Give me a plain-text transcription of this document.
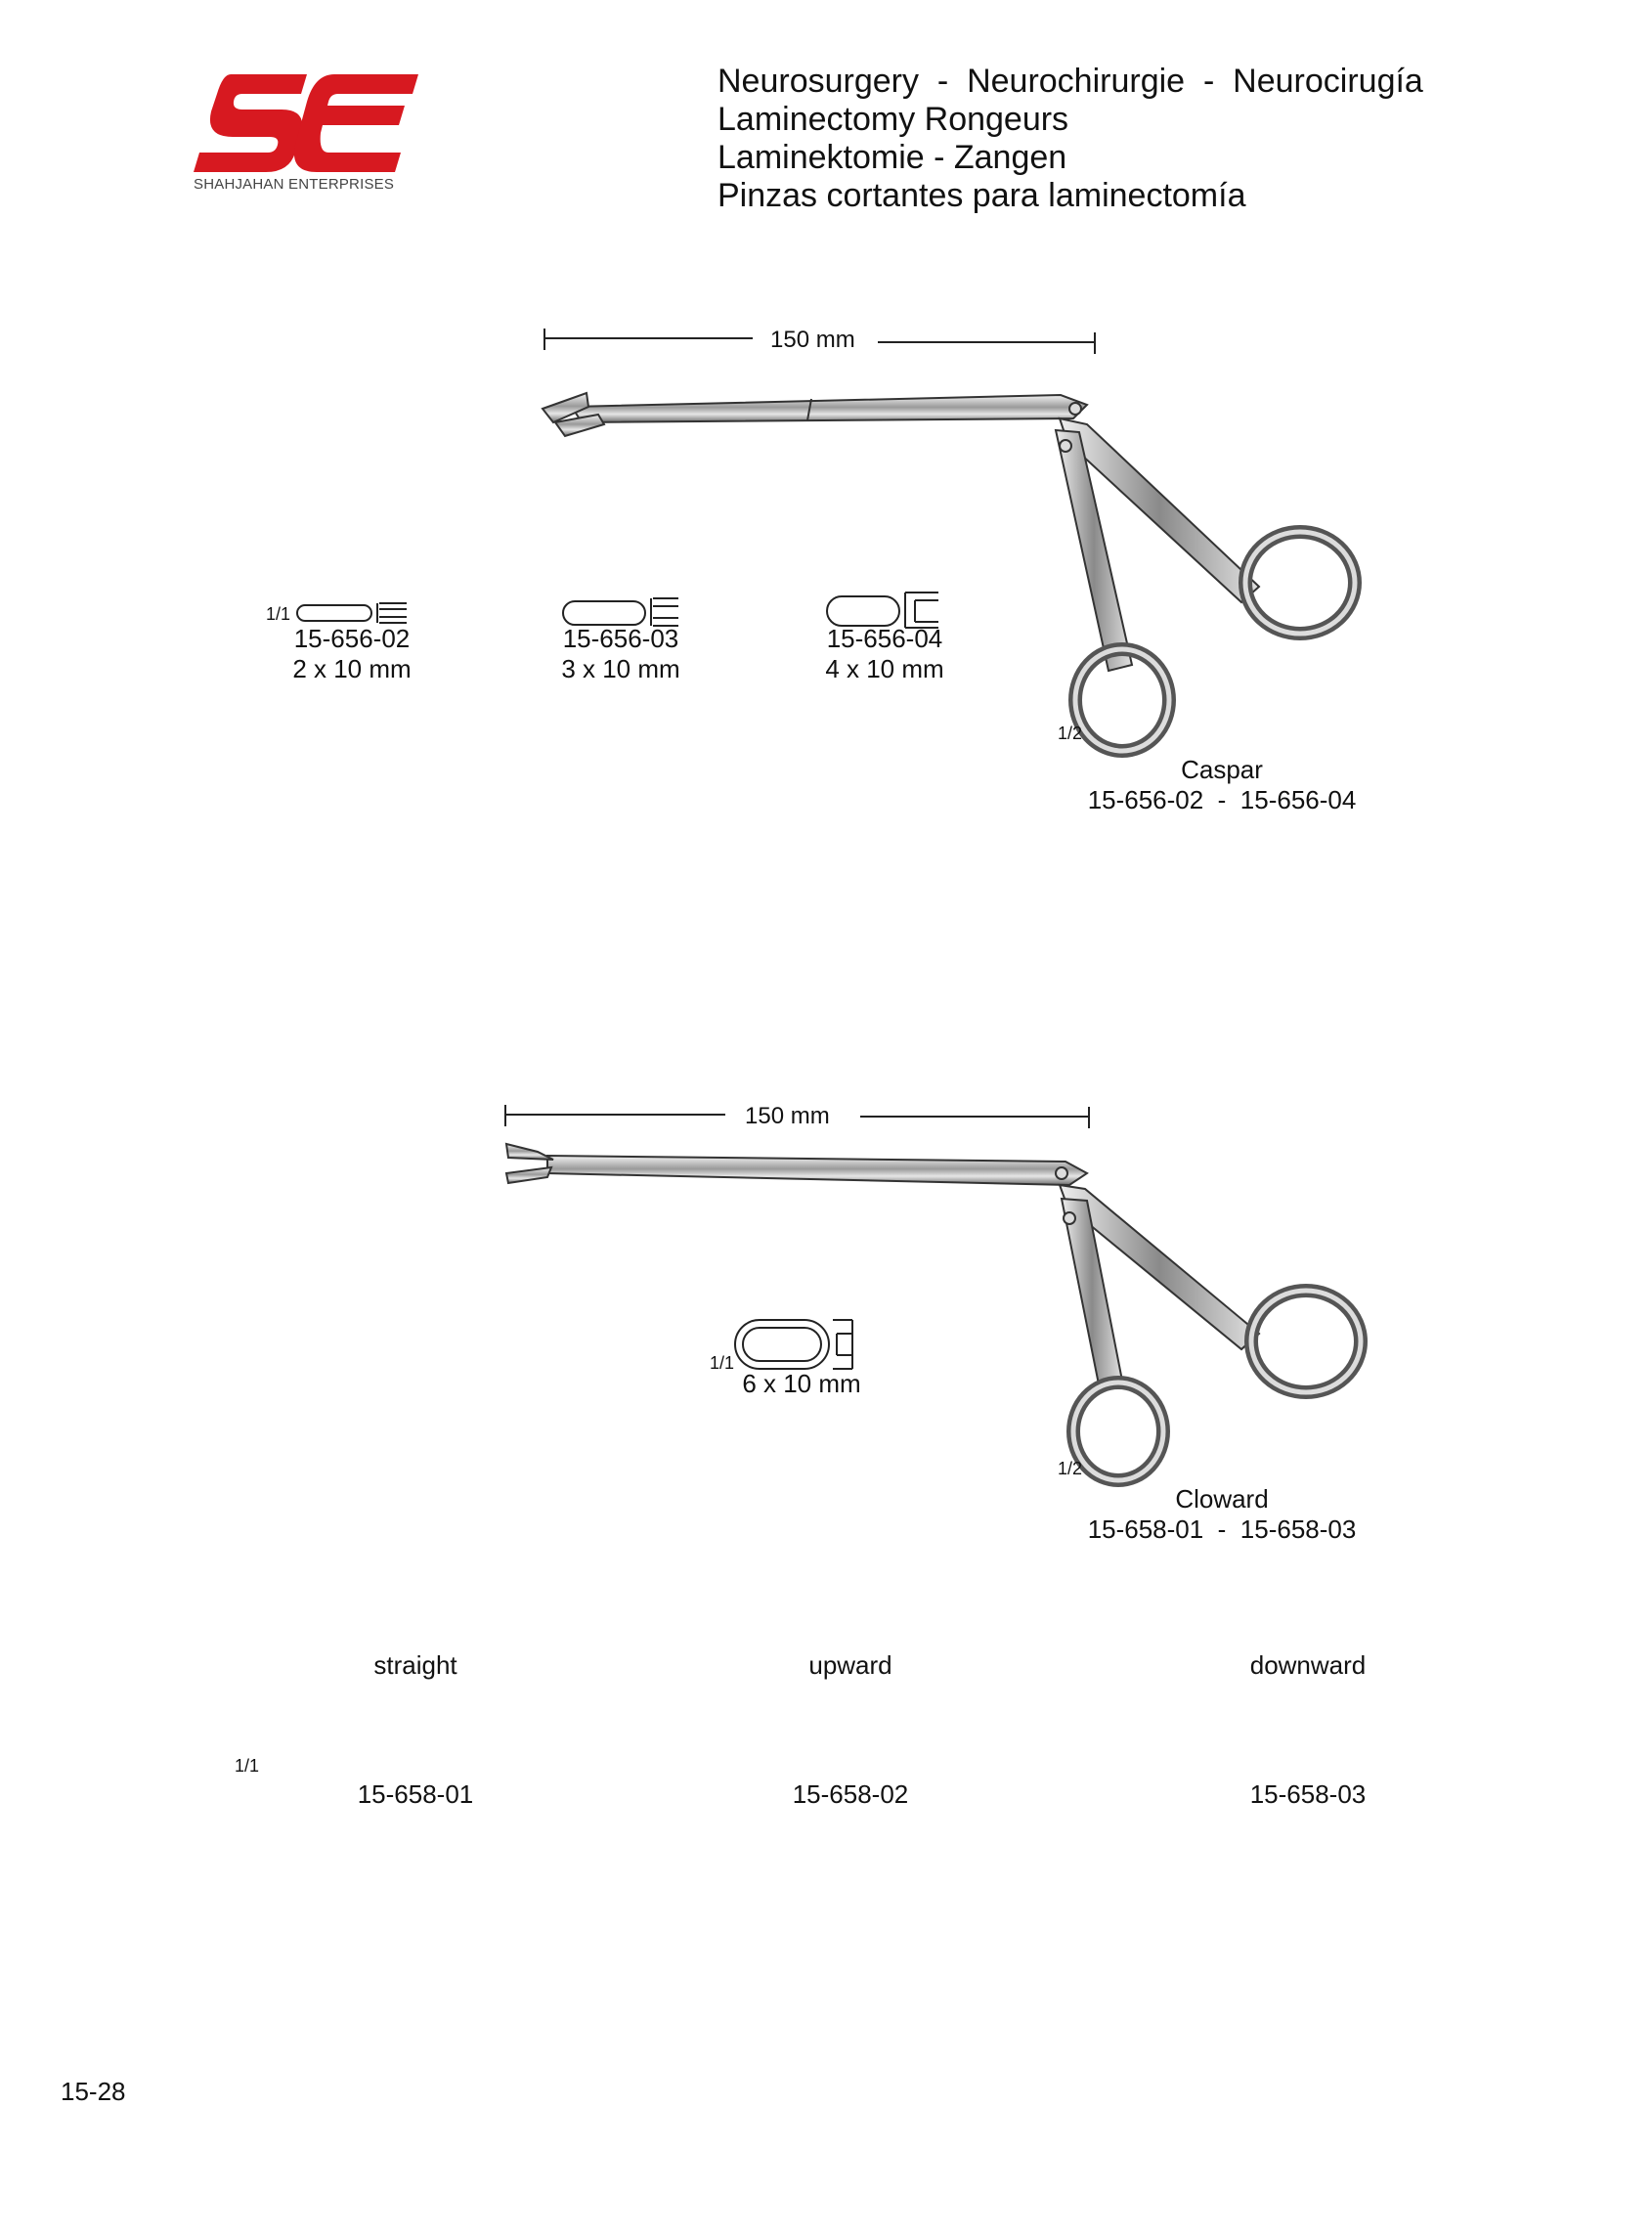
SHAHJAHAN ENTERPRISES
Neurosurgery  -  Neurochirurgie  -  Neurocirugía
Laminectomy Rongeurs
Laminektomie - Zangen
Pinzas cortantes para laminectomía
150 mm
1/1
15-656-02
2 x 10 mm
15-656-03
3 x 10 mm
15-656-04
4 x 10 mm
1/2
Caspar
15-656-02  -  15-656-04
150 mm
1/1
6 x 10 mm
1/2
Cloward
15-658-01  -  15-658-03
straight	upward	downward
1/1
15-658-01	15-658-02	15-658-03
15-28
